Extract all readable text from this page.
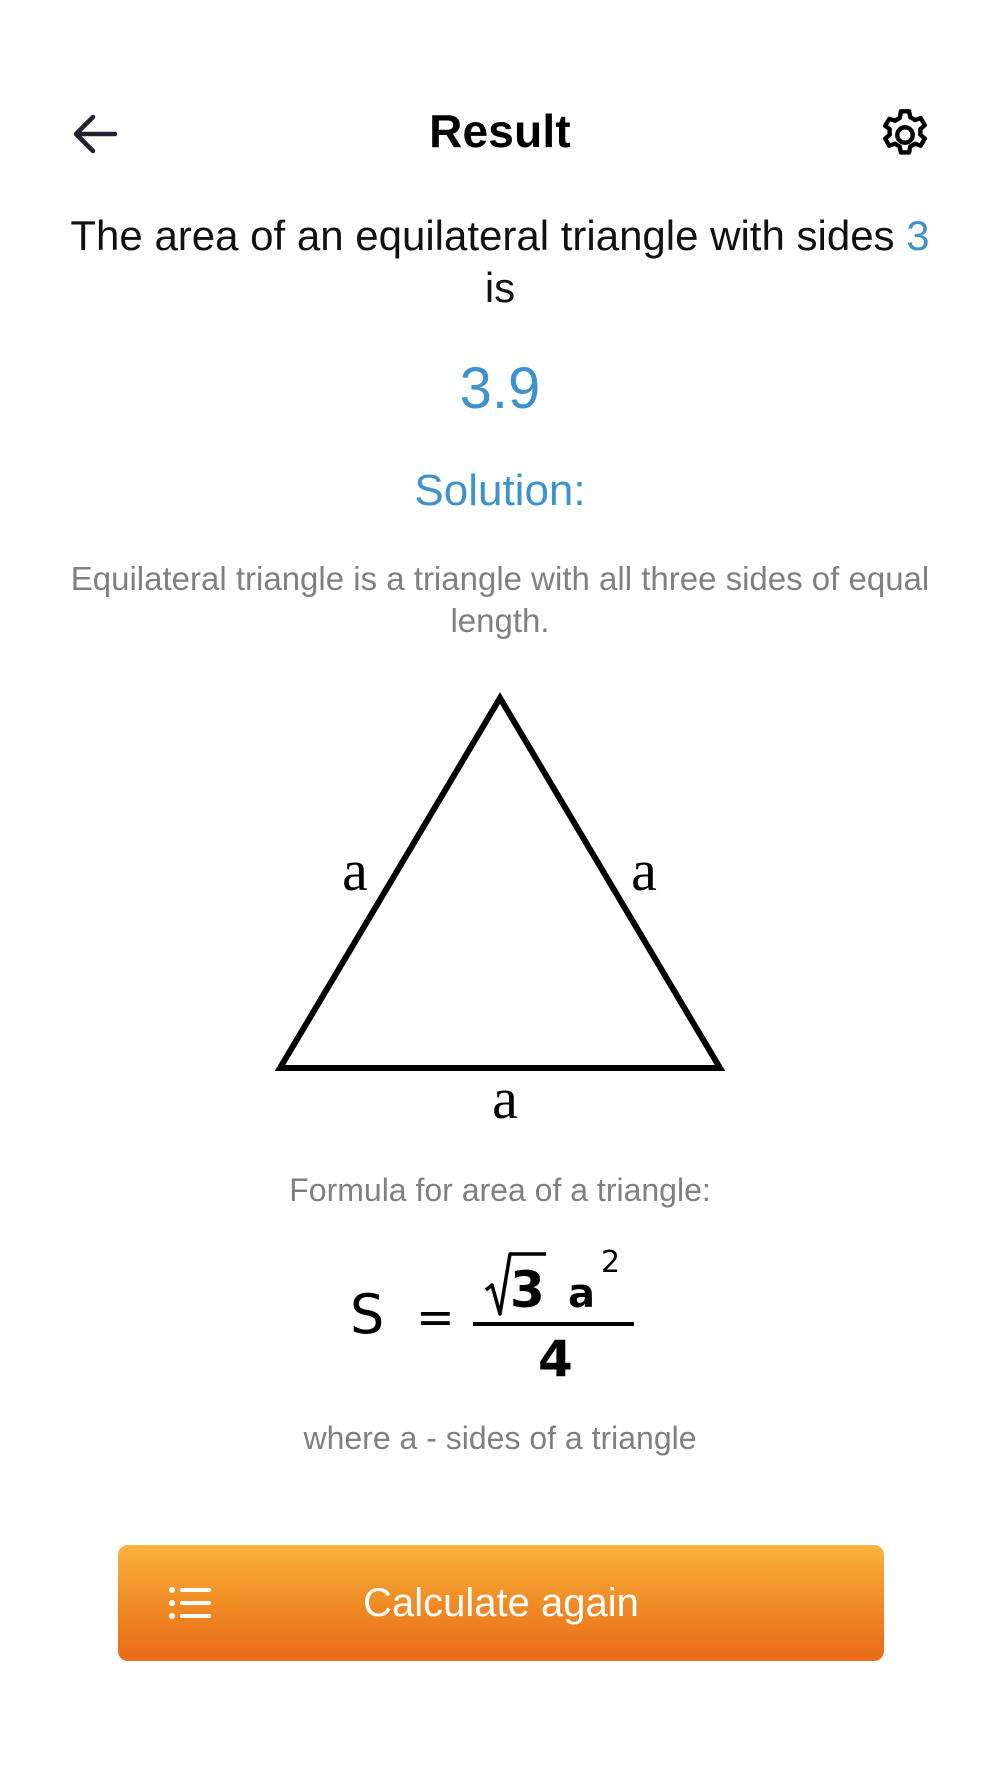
Result
The area of an equilateral triangle with sides 3
is
3.9
Solution:
Equilateral triangle is a triangle with all three sides of equal length.
a	a
a
Formula for area of a triangle:
S = 3 a
2
4
where a - sides of a triangle
Calculate again
